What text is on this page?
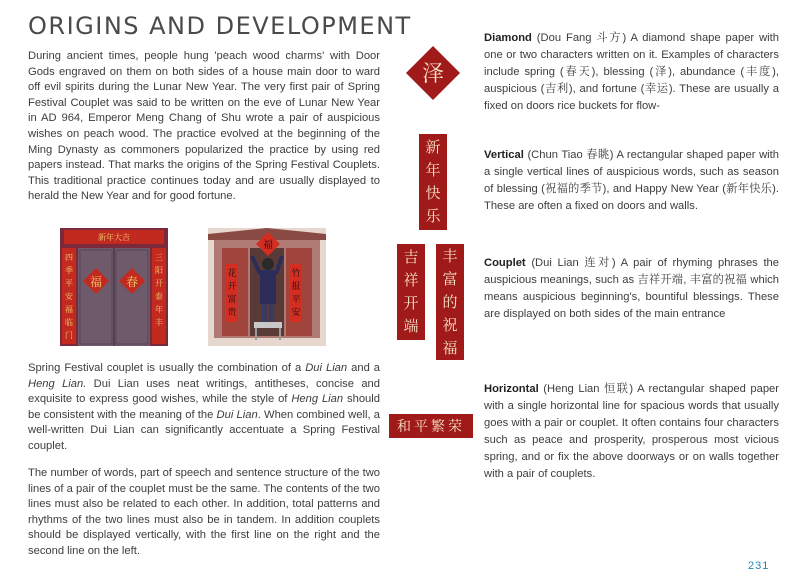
ORIGINS AND DEVELOPMENT

During ancient times, people hung 'peach wood charms' with Door Gods engraved on them on both sides of a house main door to ward off evil spirits during the Lunar New Year. The very first pair of Spring Festival Couplet was said to be written on the eve of Lunar New Year in AD 964, Emperor Meng Chang of Shu wrote a pair of auspicious wishes on peach wood. The practice evolved at the beginning of the Ming Dynasty as commoners popularized the practice by using red papers instead. That marks the origins of the Spring Festival Couplets. This traditional practice continues today and are usually displayed to herald the New Year and for good fortune.

新年大吉
四
季
平
安
福
临
门
三
阳
开
泰
年
丰
福 春
花
开
富
贵
竹
报
平
安
福

Spring Festival couplet is usually the combination of a Dui Lian and a Heng Lian. Dui Lian uses neat writings, antitheses, concise and exquisite to express good wishes, while the style of Heng Lian should be consistent with the meaning of the Dui Lian. When combined well, a well-written Dui Lian can significantly accentuate a Spring Festival couplet.

The number of words, part of speech and sentence structure of the two lines of a pair of the couplet must be the same. The contents of the two lines must also be related to each other. In addition, total patterns and rhythms of the two lines must also be in tandem. In addition couplets should be displayed vertically, with the first line on the right and the second line on the left.

泽
新
年
快
乐
吉
祥
开
端
丰
富
的
祝
福
和平繁荣

Diamond (Dou Fang 斗方) A diamond shape paper with one or two characters written on it. Examples of characters include spring (春天), blessing (泽), abundance (丰度), auspicious (吉利), and fortune (幸运). These are usually a fixed on doors rice buckets for flow-

Vertical (Chun Tiao 春眺) A rectangular shaped paper with a single vertical lines of auspicious words, such as season of blessing (祝福的季节), and Happy New Year (新年快乐). These are often a fixed on doors and walls.

Couplet (Dui Lian 连对) A pair of rhyming phrases the auspicious meanings, such as 吉祥开端, 丰富的祝福 which means auspicious beginning's, bountiful blessings. These are displayed on both sides of the main entrance

Horizontal (Heng Lian 恒联) A rectangular shaped paper with a single horizontal line for spacious words that usually goes with a pair or couplet. It often contains four characters such as peace and prosperity, prosperous most vicious spring, and or fix the above doorways or on walls together with a pair of couplets.

231
